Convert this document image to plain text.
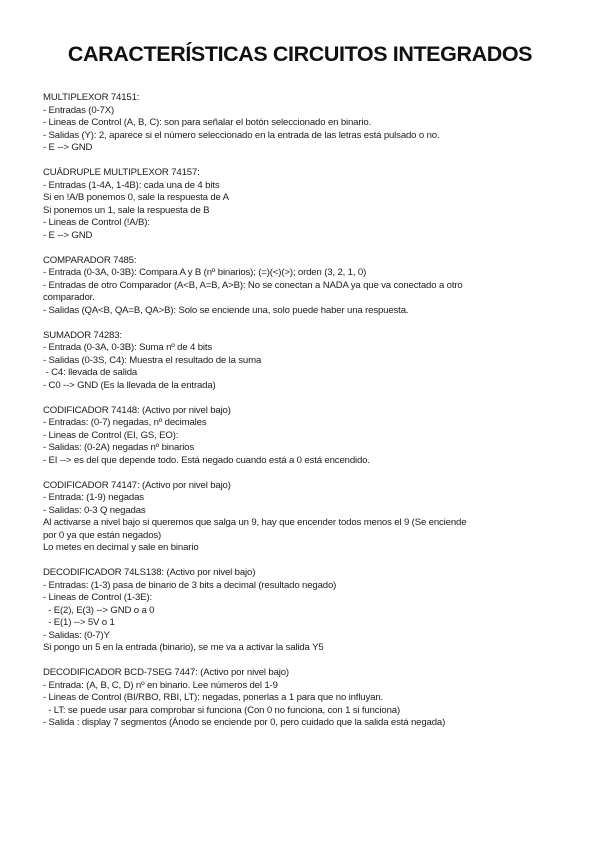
CARACTERÍSTICAS CIRCUITOS INTEGRADOS
MULTIPLEXOR 74151:
- Entradas (0-7X)
- Lineas de Control (A, B, C): son para señalar el botón seleccionado en binario.
- Salidas (Y): 2, aparece si el número seleccionado en la entrada de las letras está pulsado o no.
- E --> GND
CUÁDRUPLE MULTIPLEXOR 74157:
- Entradas (1-4A, 1-4B): cada una de 4 bits
Si en !A/B ponemos 0, sale la respuesta de A
Si ponemos un 1, sale la respuesta de B
- Lineas de Control (!A/B):
- E --> GND
COMPARADOR 7485:
- Entrada (0-3A, 0-3B): Compara A y B (nº binarios); (=)(<)(>); orden (3, 2, 1, 0)
- Entradas de otro Comparador (A<B, A=B, A>B): No se conectan a NADA ya que va conectado a otro
comparador.
- Salidas (QA<B, QA=B, QA>B): Solo se enciende una, solo puede haber una respuesta.
SUMADOR 74283:
- Entrada (0-3A, 0-3B): Suma nº de 4 bits
- Salidas (0-3S, C4): Muestra el resultado de la suma
- C4: llevada de salida
- C0 --> GND (Es la llevada de la entrada)
CODIFICADOR 74148: (Activo por nivel bajo)
- Entradas: (0-7) negadas, nº decimales
- Lineas de Control (EI, GS, EO):
- Salidas: (0-2A) negadas nº binarios
- EI --> es del que depende todo. Está negado cuando está a 0 está encendido.
CODIFICADOR 74147: (Activo por nivel bajo)
- Entrada: (1-9) negadas
- Salidas: 0-3 Q negadas
Al activarse a nivel bajo si queremos que salga un 9, hay que encender todos menos el 9 (Se enciende
por 0 ya que están negados)
Lo metes en decimal y sale en binario
DECODIFICADOR 74LS138: (Activo por nivel bajo)
- Entradas: (1-3) pasa de binario de 3 bits a decimal (resultado negado)
- Lineas de Control (1-3E):
- E(2), E(3) --> GND o a 0
- E(1) --> 5V o 1
- Salidas: (0-7)Y
Si pongo un 5 en la entrada (binario), se me va a activar la salida Y5
DECODIFICADOR BCD-7SEG 7447: (Activo por nivel bajo)
- Entrada: (A, B, C, D) nº en binario. Lee números del 1-9
- Lineas de Control (BI/RBO, RBI, LT): negadas, ponerlas a 1 para que no influyan.
- LT: se puede usar para comprobar si funciona (Con 0 no funciona, con 1 si funciona)
- Salida : display 7 segmentos (Ánodo se enciende por 0, pero cuidado que la salida está negada)
